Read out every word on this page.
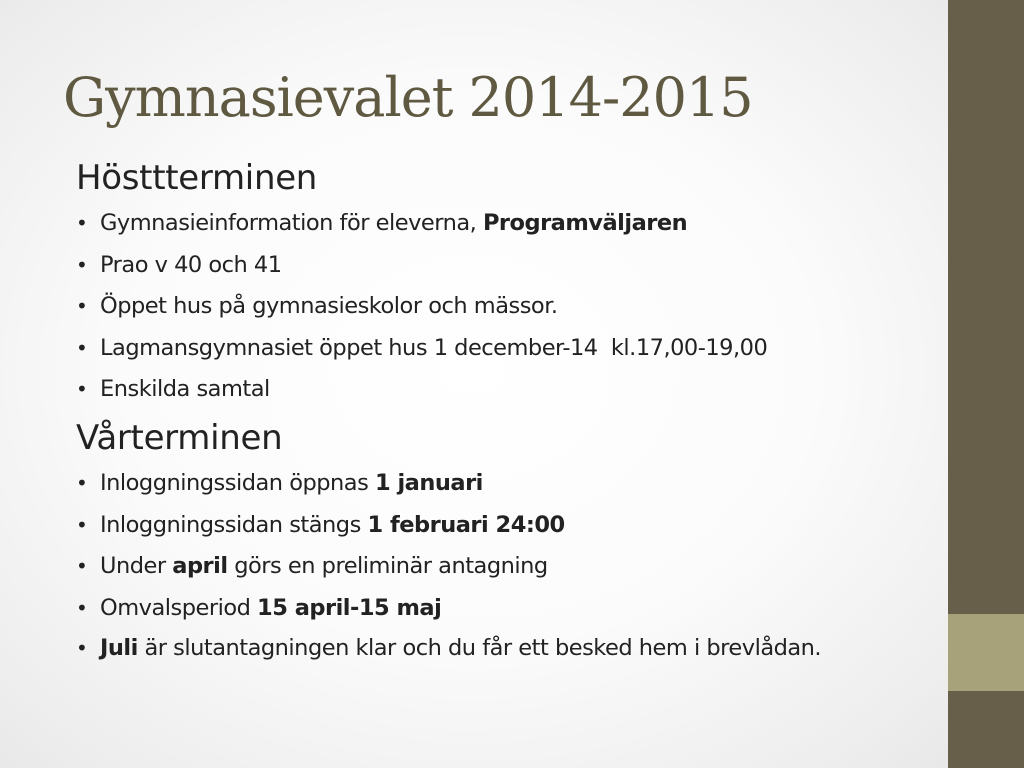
Gymnasievalet 2014-2015
Hösttterminen
• Gymnasieinformation för eleverna, Programväljaren
• Prao v 40 och 41
• Öppet hus på gymnasieskolor och mässor.
• Lagmansgymnasiet öppet hus 1 december-14  kl.17,00-19,00
• Enskilda samtal
Vårterminen
• Inloggningssidan öppnas 1 januari
• Inloggningssidan stängs 1 februari 24:00
• Under april görs en preliminär antagning
• Omvalsperiod 15 april-15 maj
• Juli är slutantagningen klar och du får ett besked hem i brevlådan.
